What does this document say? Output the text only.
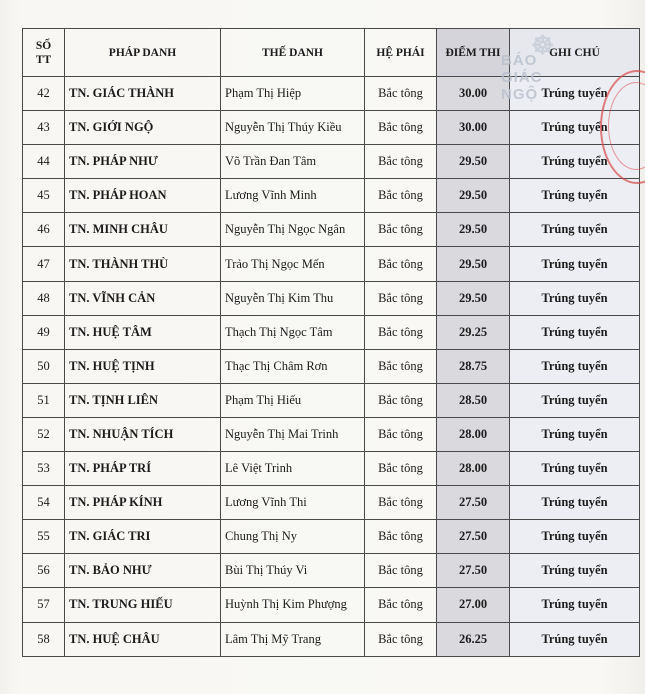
SỐ
TT	PHÁP DANH	THẾ DANH	HỆ PHÁI	ĐIỂM THI	GHI CHÚ
42	TN. GIÁC THÀNH	Phạm Thị Hiệp	Bắc tông	30.00	Trúng tuyển
43	TN. GIỚI NGỘ	Nguyễn Thị Thúy Kiều	Bắc tông	30.00	Trúng tuyển
44	TN. PHÁP NHƯ	Võ Trần Đan Tâm	Bắc tông	29.50	Trúng tuyển
45	TN. PHÁP HOAN	Lương Vĩnh Minh	Bắc tông	29.50	Trúng tuyển
46	TN. MINH CHÂU	Nguyễn Thị Ngọc Ngân	Bắc tông	29.50	Trúng tuyển
47	TN. THÀNH THÙ	Trảo Thị Ngọc Mến	Bắc tông	29.50	Trúng tuyển
48	TN. VĨNH CẢN	Nguyễn Thị Kim Thu	Bắc tông	29.50	Trúng tuyển
49	TN. HUỆ TÂM	Thạch Thị Ngọc Tâm	Bắc tông	29.25	Trúng tuyển
50	TN. HUỆ TỊNH	Thạc Thị Châm Rơn	Bắc tông	28.75	Trúng tuyển
51	TN. TỊNH LIÊN	Phạm Thị Hiếu	Bắc tông	28.50	Trúng tuyển
52	TN. NHUẬN TÍCH	Nguyễn Thị Mai Trinh	Bắc tông	28.00	Trúng tuyển
53	TN. PHÁP TRÍ	Lê Việt Trinh	Bắc tông	28.00	Trúng tuyển
54	TN. PHÁP KÍNH	Lương Vĩnh Thi	Bắc tông	27.50	Trúng tuyển
55	TN. GIÁC TRI	Chung Thị Ny	Bắc tông	27.50	Trúng tuyển
56	TN. BẢO NHƯ	Bùi Thị Thúy Vi	Bắc tông	27.50	Trúng tuyển
57	TN. TRUNG HIẾU	Huỳnh Thị Kim Phượng	Bắc tông	27.00	Trúng tuyển
58	TN. HUỆ CHÂU	Lâm Thị Mỹ Trang	Bắc tông	26.25	Trúng tuyển
☸
BÁO GIÁC NGỘ
